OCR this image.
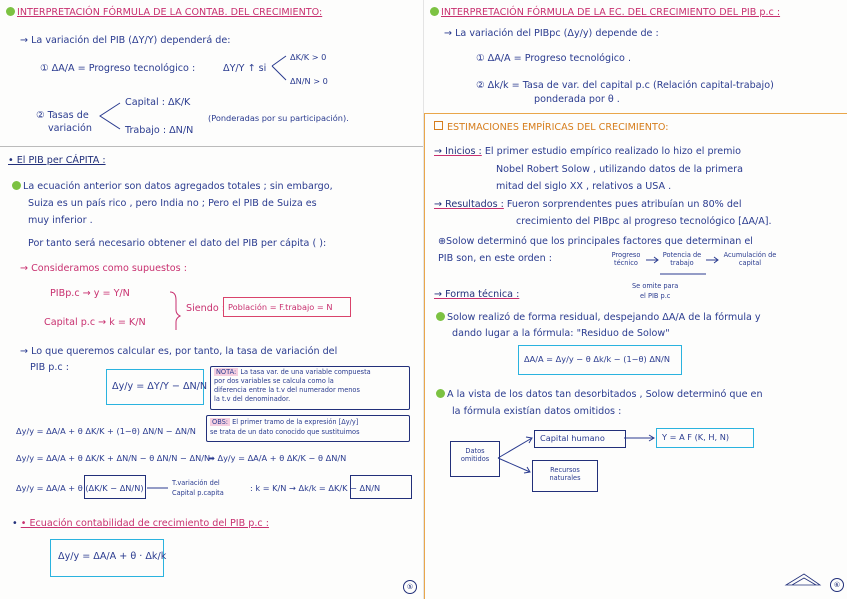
INTERPRETACIÓN FÓRMULA DE LA CONTAB. DEL CRECIMIENTO:
→ La variación del PIB (ΔY/Y) dependerá de:
① ΔA/A = Progreso tecnológico :	ΔY/Y ↑ si
ΔK/K > 0
ΔN/N > 0
② Tasas de
variación
Capital : ΔK/K
Trabajo : ΔN/N
(Ponderadas por su participación).
• El PIB per CÁPITA :
La ecuación anterior son datos agregados totales ; sin embargo,
Suiza es un país rico , pero India no ; Pero el PIB de Suiza es
muy inferior .
Por tanto será necesario obtener el dato del PIB per cápita ( ):
→ Consideramos como supuestos :
PIBp.c → y = Y/N
Capital p.c → k = K/N
Siendo : Población = F.trabajo = N
→ Lo que queremos calcular es, por tanto, la tasa de variación del
PIB p.c :
Δy/y = ΔY/Y − ΔN/N
NOTA: La tasa var. de una variable compuesta
por dos variables se calcula como la
diferencia entre la t.v del numerador menos
la t.v del denominador.
Δy/y = ΔA/A + θ ΔK/K + (1−θ) ΔN/N − ΔN/N
OBS: El primer tramo de la expresión [Δy/y]
se trata de un dato conocido que sustituimos
Δy/y = ΔA/A + θ ΔK/K + ΔN/N − θ ΔN/N − ΔN/N
➡ Δy/y = ΔA/A + θ ΔK/K − θ ΔN/N
Δy/y = ΔA/A + θ (ΔK/K − ΔN/N)	T.variación del
Capital p.capita	: k = K/N → Δk/k = ΔK/K − ΔN/N
• • Ecuación contabilidad de crecimiento del PIB p.c :
Δy/y = ΔA/A + θ · Δk/k
⑤
INTERPRETACIÓN FÓRMULA DE LA EC. DEL CRECIMIENTO DEL PIB p.c :
→ La variación del PIBpc (Δy/y) depende de :
① ΔA/A = Progreso tecnológico .
② Δk/k = Tasa de var. del capital p.c (Relación capital-trabajo)
ponderada por θ .
ESTIMACIONES EMPÍRICAS DEL CRECIMIENTO:
→ Inicios : El primer estudio empírico realizado lo hizo el premio
Nobel Robert Solow , utilizando datos de la primera
mitad del siglo XX , relativos a USA .
→ Resultados : Fueron sorprendentes pues atribuían un 80% del
crecimiento del PIBpc al progreso tecnológico [ΔA/A].
⊕Solow determinó que los principales factores que determinan el
PIB son, en este orden :	Progreso técnico
Potencia de trabajo
Acumulación de capital
Se omite para
el PIB p.c
→ Forma técnica :
Solow realizó de forma residual, despejando ΔA/A de la fórmula y
dando lugar a la fórmula: "Residuo de Solow"
ΔA/A = Δy/y − θ Δk/k − (1−θ) ΔN/N
A la vista de los datos tan desorbitados , Solow determinó que en
la fórmula existían datos omitidos :
Datos omitidos
Capital humano	Y = A F (K, H, N)
Recursos naturales
⑥
